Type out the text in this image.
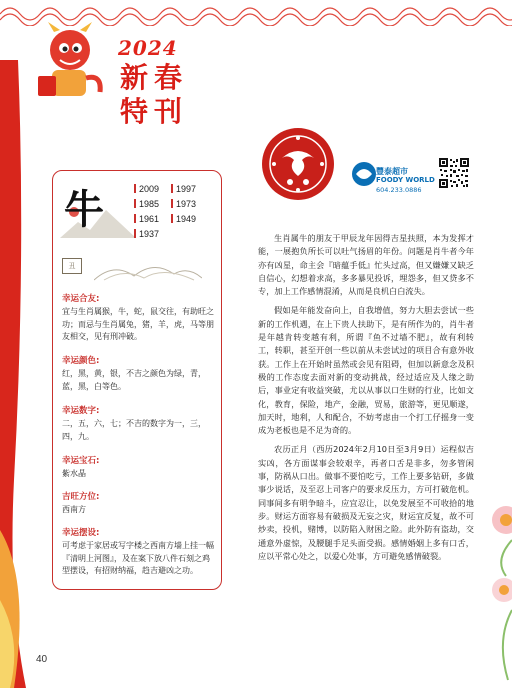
2024
新春
特刊
牛	2009	1997
1985	1973
1961	1949
1937
丑
幸运合友:
宜与生肖属猴，牛，蛇，鼠交往，有助旺之功；而忌与生肖属兔，猪，羊，虎，马等朋友相交，见有刑冲破。
幸运颜色:
红，黑，黄，银，不吉之颜色为绿，青，蓝，黑，白等色。
幸运数字:
二，五，六，七；不吉的数字为一，三，四，九。
幸运宝石:
紫水晶
吉旺方位:
西南方
幸运摆设:
可考虑于家居或写字楼之西南方墙上挂一幅『清明上河图』，及在案下放八件石刻之鸡型摆设，有招财纳福，趋吉避凶之功。
豐泰超市
FOODY WORLD
604.233.0886

生肖属牛的朋友于甲辰龙年因得吉星扶照，本为发挥才能，一展抱负所长可以吐气扬眉的年份。问题是肖牛者今年亦有凶星，命主会『暗蕴手低』忙头过高，但又嫌嫌又缺乏自信心，幻想着求高，多多暴见投诉，埋怨多，但又贷多不专，加上工作感情混淆，从而是良机白白流失。

假如是年能发奋向上，自我增值，努力大胆去尝试一些新的工作机遇，在上下贵人扶助下，是有所作为的，肖牛者是年越肯转变越有利，所谓『鱼不过墙不肥』，故有利转工，转职，甚至开创一些以前从未尝试过的项目合有意外收获。工作上在开始时虽然或会见有阻碍，但加以新意念及积极的工作态度去面对新的变动挑战，经过适应及人缘之助后，事业定有收益突破，尤以从事以口生财的行业，比如文化，教育，保险，地产，金融，贸易，旅游等，更见顺遂，加天时，地利，人和配合，不妨考虑由一个打工仔摇身一变成为老板也是不足为奇的。

农历正月（西历2024年2月10日至3月9日）运程似吉实凶，各方面谋事会较艰辛，再者口舌是非多，勿多管闲事，防祸从口出。做事不要怕吃亏，工作上要多钻研，多做事少说话，及至忍上司客户的要求反压力，方可打破危机。同事间多有明争暗斗，应宜忍让，以免发展至不可收拾的地步。财运方面容易有破损及无妄之灾，财运宜反复，故不可炒卖，投机，赌博，以防陷入财困之险。此外防有盗劫，交通意外虚惊，及腰腿手足头面受损。感情婚姻上多有口舌，应以平常心处之，以爱心处事，方可避免感情破裂。

40
